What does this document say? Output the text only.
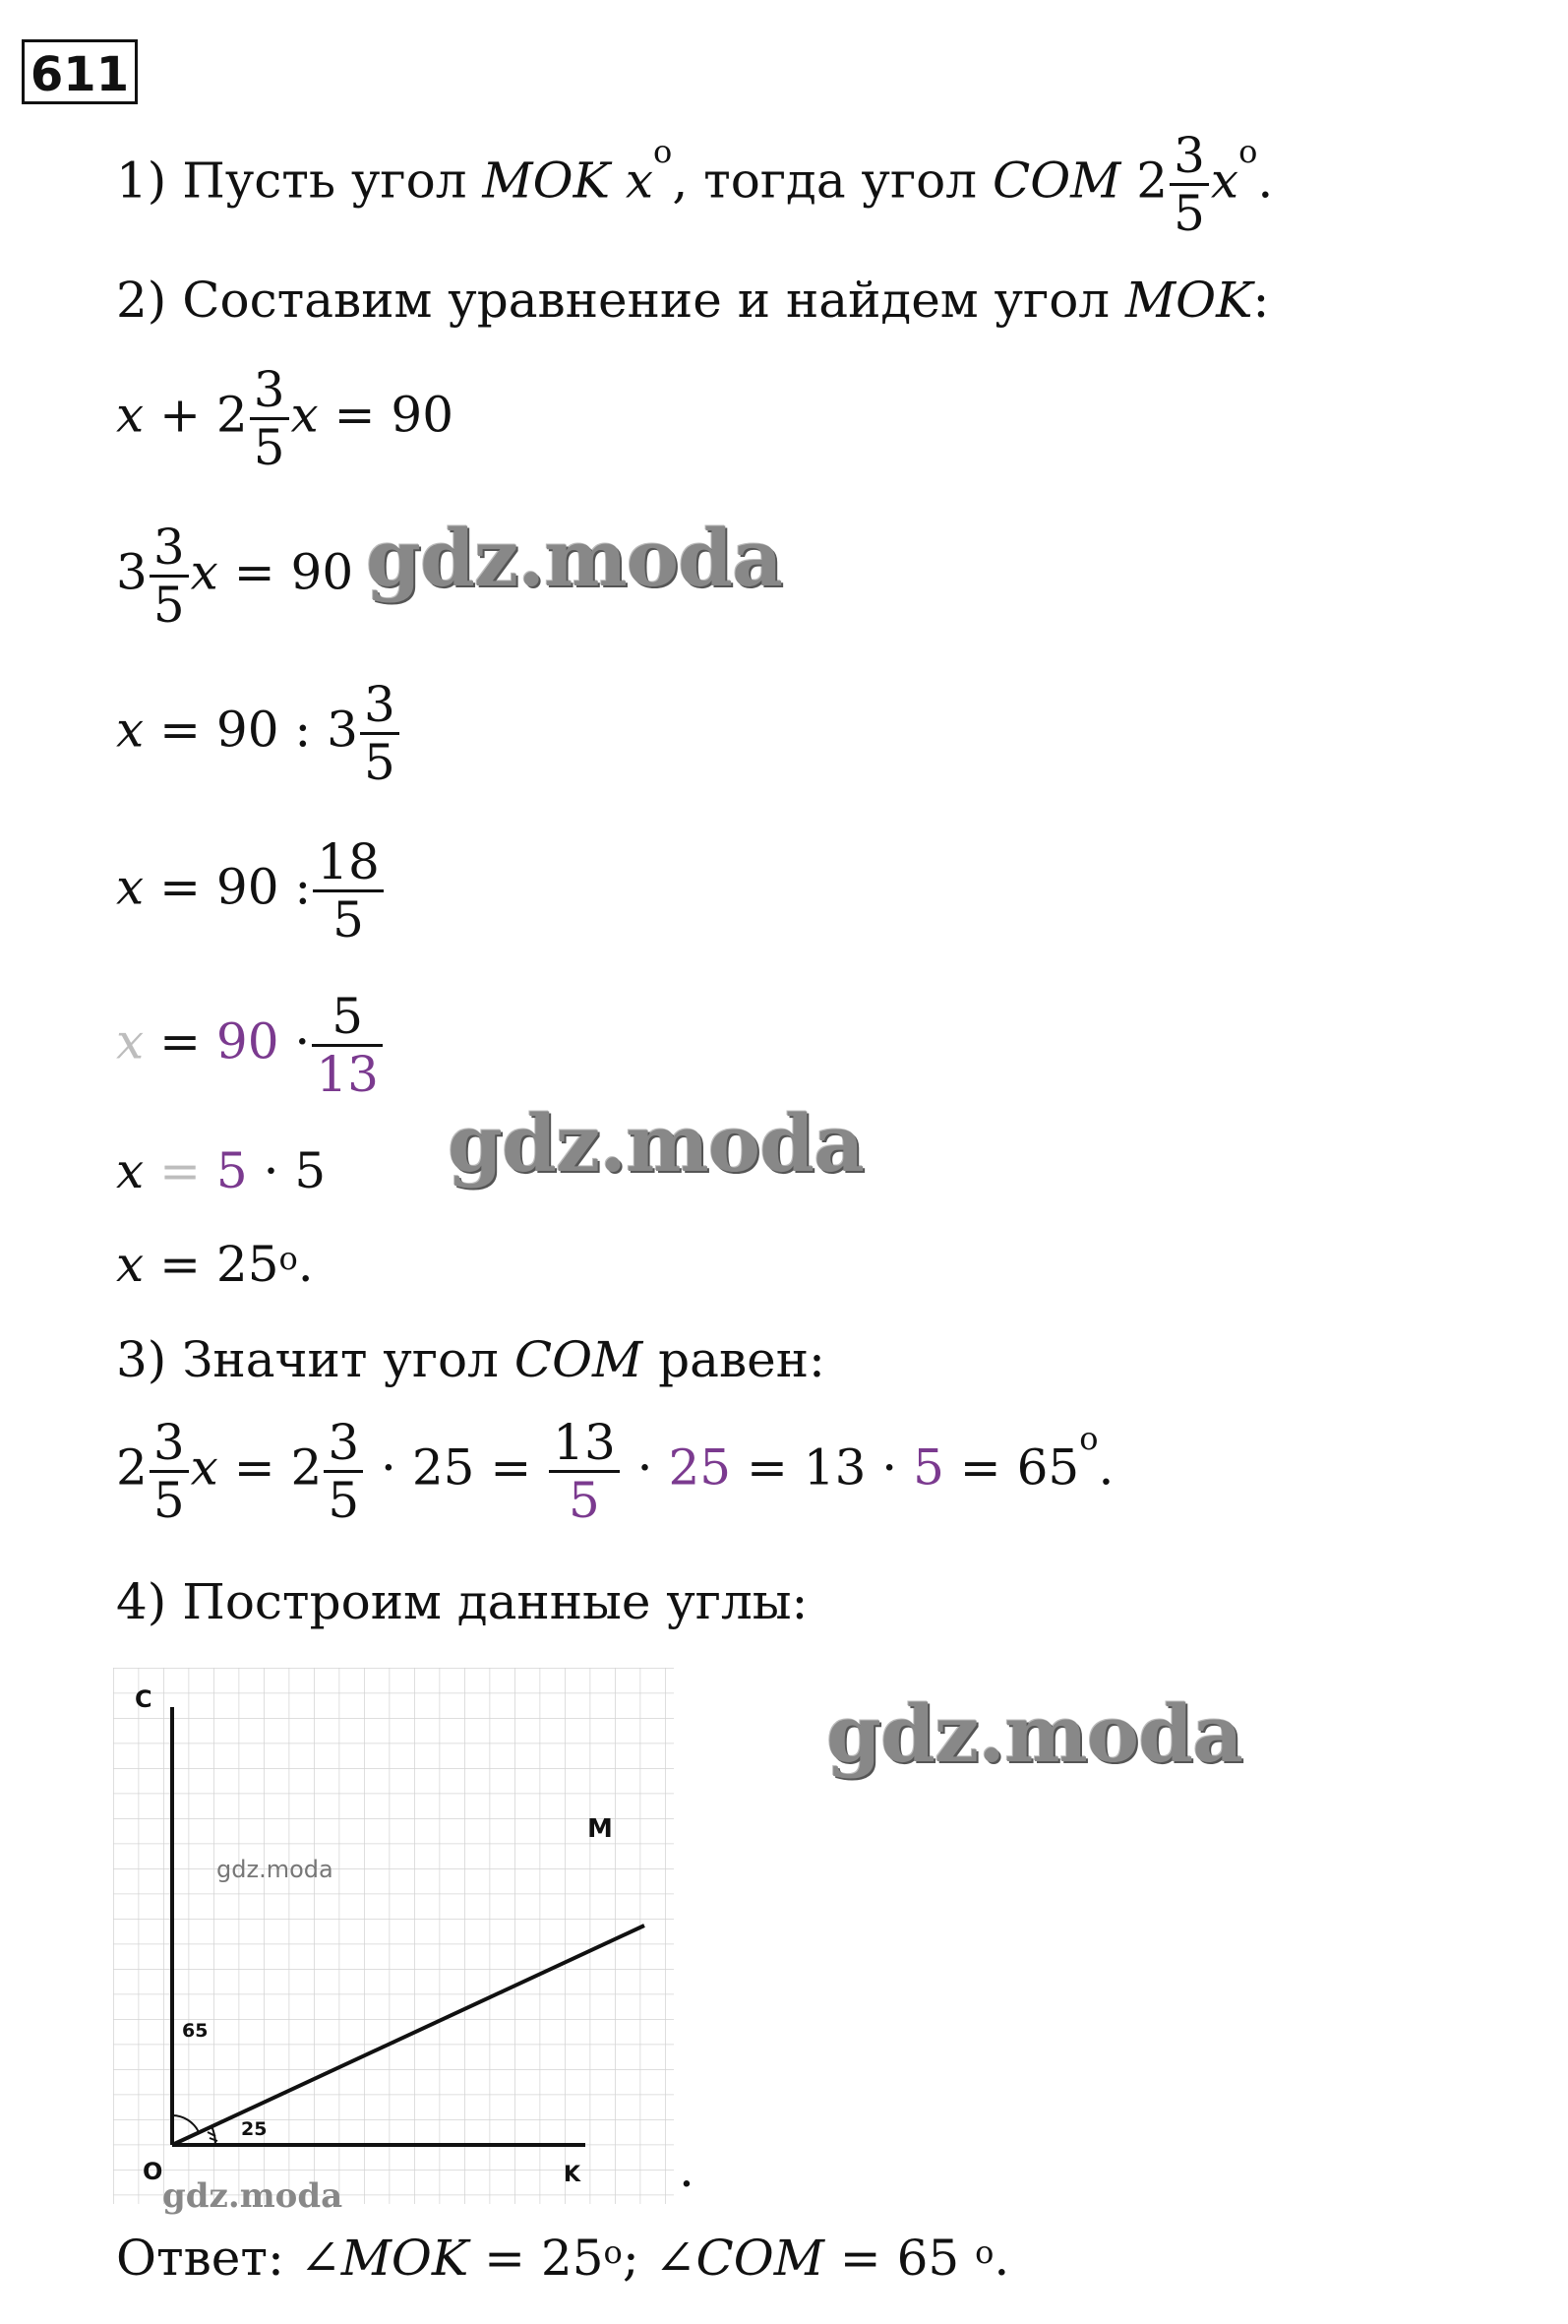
611
1) Пусть угол MOK $x^o$, тогда угол COM $2 \frac{3}{5} x^o$.
2) Составим уравнение и найдем угол MOK:
$x + 2 \frac{3}{5}$ x = 90
$3 \frac{3}{5}$ x = 90
x = 90 : $3 \frac{3}{5}$
x = 90 : $\frac{18}{5}$
$x = 90 \cdot \frac{5}{13}$
x = 5 · 5
$x = 25^o$.
3) Значит угол COM равен:
$2 \frac{3}{5}$ $x = 2 \frac{3}{5} \cdot 25 = \frac{13}{5} \cdot 25 = 13 \cdot 5 = 65^o$.
4) Построим данные углы:
C
O	K
M
65
25
gdz.moda
.
gdz.moda
gdz.moda
gdz.moda
gdz.moda
Ответ: ∠MOK = $25^o$; ∠COM = 65 $^o$.
